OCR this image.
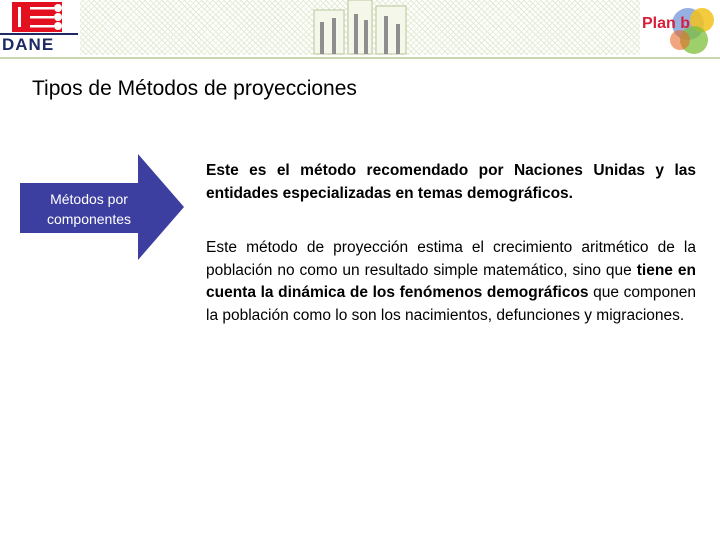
DANE
Plan b
Tipos de Métodos de proyecciones
Métodos por
componentes

Este es el método recomendado por Naciones Unidas y las entidades especializadas en temas demográficos.

Este método de proyección estima el crecimiento aritmético de la población no como un resultado simple matemático, sino que tiene en cuenta la dinámica de los fenómenos demográficos que componen la población como lo son los nacimientos, defunciones y migraciones.
